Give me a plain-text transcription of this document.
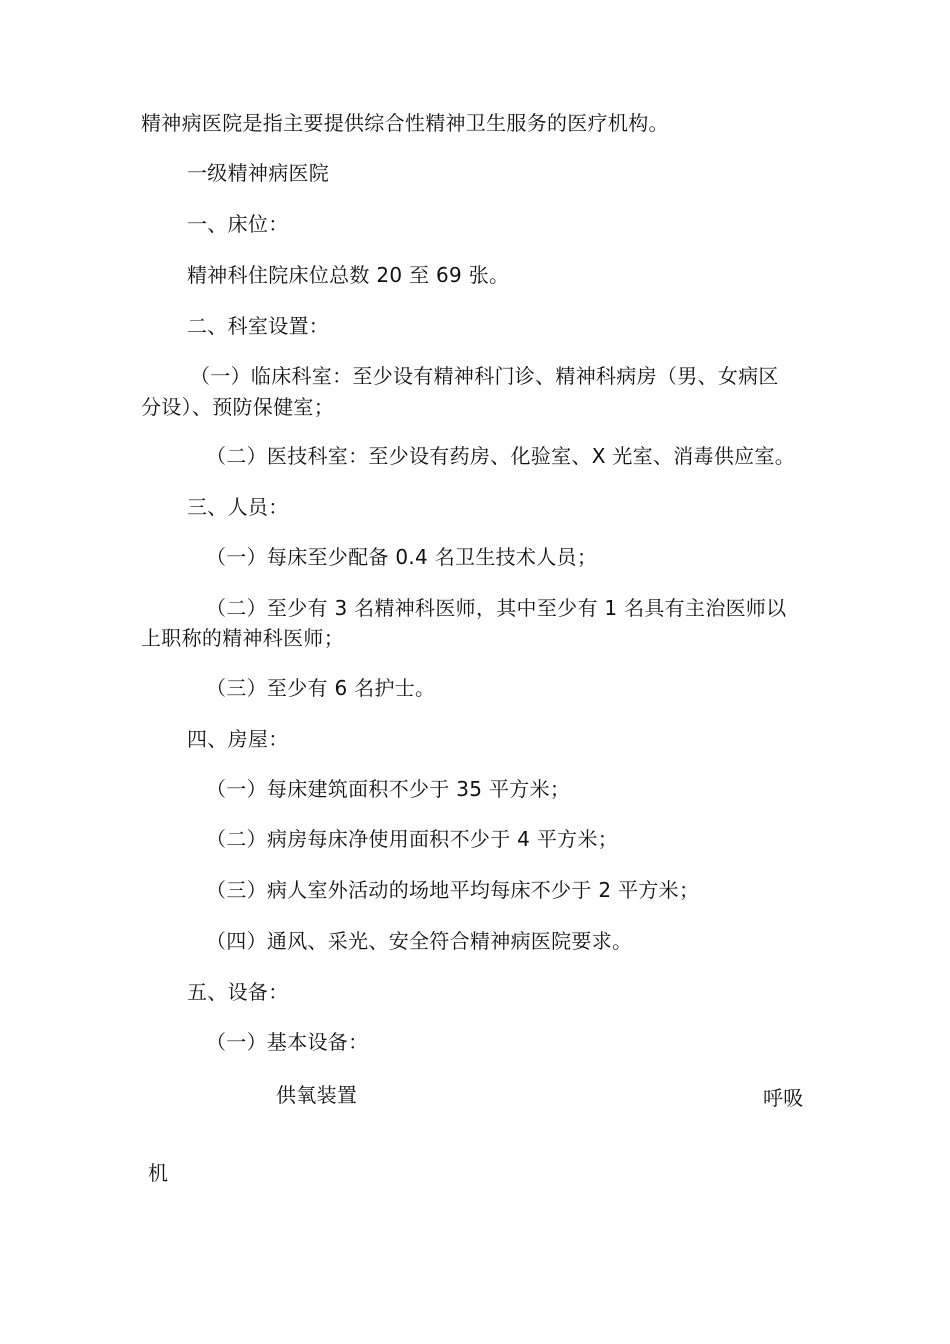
精神病医院是指主要提供综合性精神卫生服务的医疗机构。
一级精神病医院
一、床位：
精神科住院床位总数 20 至 69 张。
二、科室设置：
（一）临床科室：至少设有精神科门诊、精神科病房（男、女病区
分设）、预防保健室；
（二）医技科室：至少设有药房、化验室、X 光室、消毒供应室。
三、人员：
（一）每床至少配备 0.4 名卫生技术人员；
（二）至少有 3 名精神科医师，其中至少有 1 名具有主治医师以
上职称的精神科医师；
（三）至少有 6 名护士。
四、房屋：
（一）每床建筑面积不少于 35 平方米；
（二）病房每床净使用面积不少于 4 平方米；
（三）病人室外活动的场地平均每床不少于 2 平方米；
（四）通风、采光、安全符合精神病医院要求。
五、设备：
（一）基本设备：
供氧装置	呼吸
机
